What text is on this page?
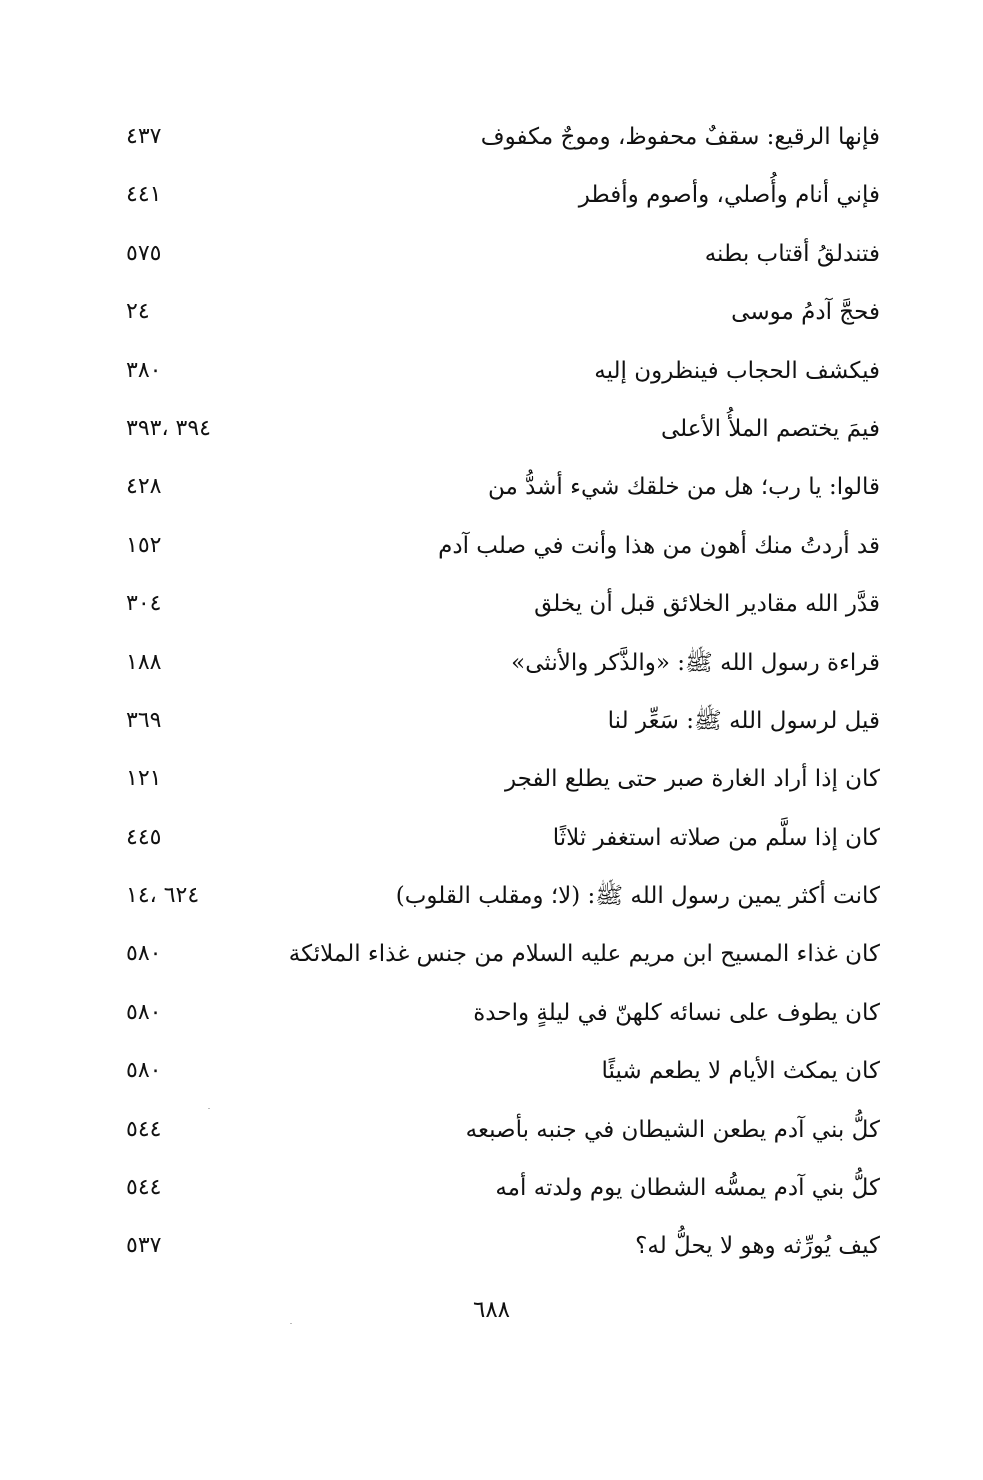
فإنها الرقيع: سقفٌ محفوظ، وموجٌ مكفوف
٤٣٧
فإني أنام وأُصلي، وأصوم وأفطر
٤٤١
فتندلقُ أقتاب بطنه
٥٧٥
فحجَّ آدمُ موسى
٢٤
فيكشف الحجاب فينظرون إليه
٣٨٠
فيمَ يختصم الملأُ الأعلى
٣٩٤ ،٣٩٣
قالوا: يا رب؛ هل من خلقك شيء أشدُّ من
٤٢٨
قد أردتُ منك أهون من هذا وأنت في صلب آدم
١٥٢
قدَّر الله مقادير الخلائق قبل أن يخلق
٣٠٤
قراءة رسول الله ﷺ: «والذَّكر والأنثى»
١٨٨
قيل لرسول الله ﷺ: سَعِّر لنا
٣٦٩
كان إذا أراد الغارة صبر حتى يطلع الفجر
١٢١
كان إذا سلَّم من صلاته استغفر ثلاثًا
٤٤٥
كانت أكثر يمين رسول الله ﷺ: (لا؛ ومقلب القلوب)
٦٢٤ ،١٤
كان غذاء المسيح ابن مريم عليه السلام من جنس غذاء الملائكة
٥٨٠
كان يطوف على نسائه كلهنّ في ليلةٍ واحدة
٥٨٠
كان يمكث الأيام لا يطعم شيئًا
٥٨٠
كلُّ بني آدم يطعن الشيطان في جنبه بأصبعه
٥٤٤
كلُّ بني آدم يمسُّه الشطان يوم ولدته أمه
٥٤٤
كيف يُورِّثه وهو لا يحلُّ له؟
٥٣٧
٦٨٨
